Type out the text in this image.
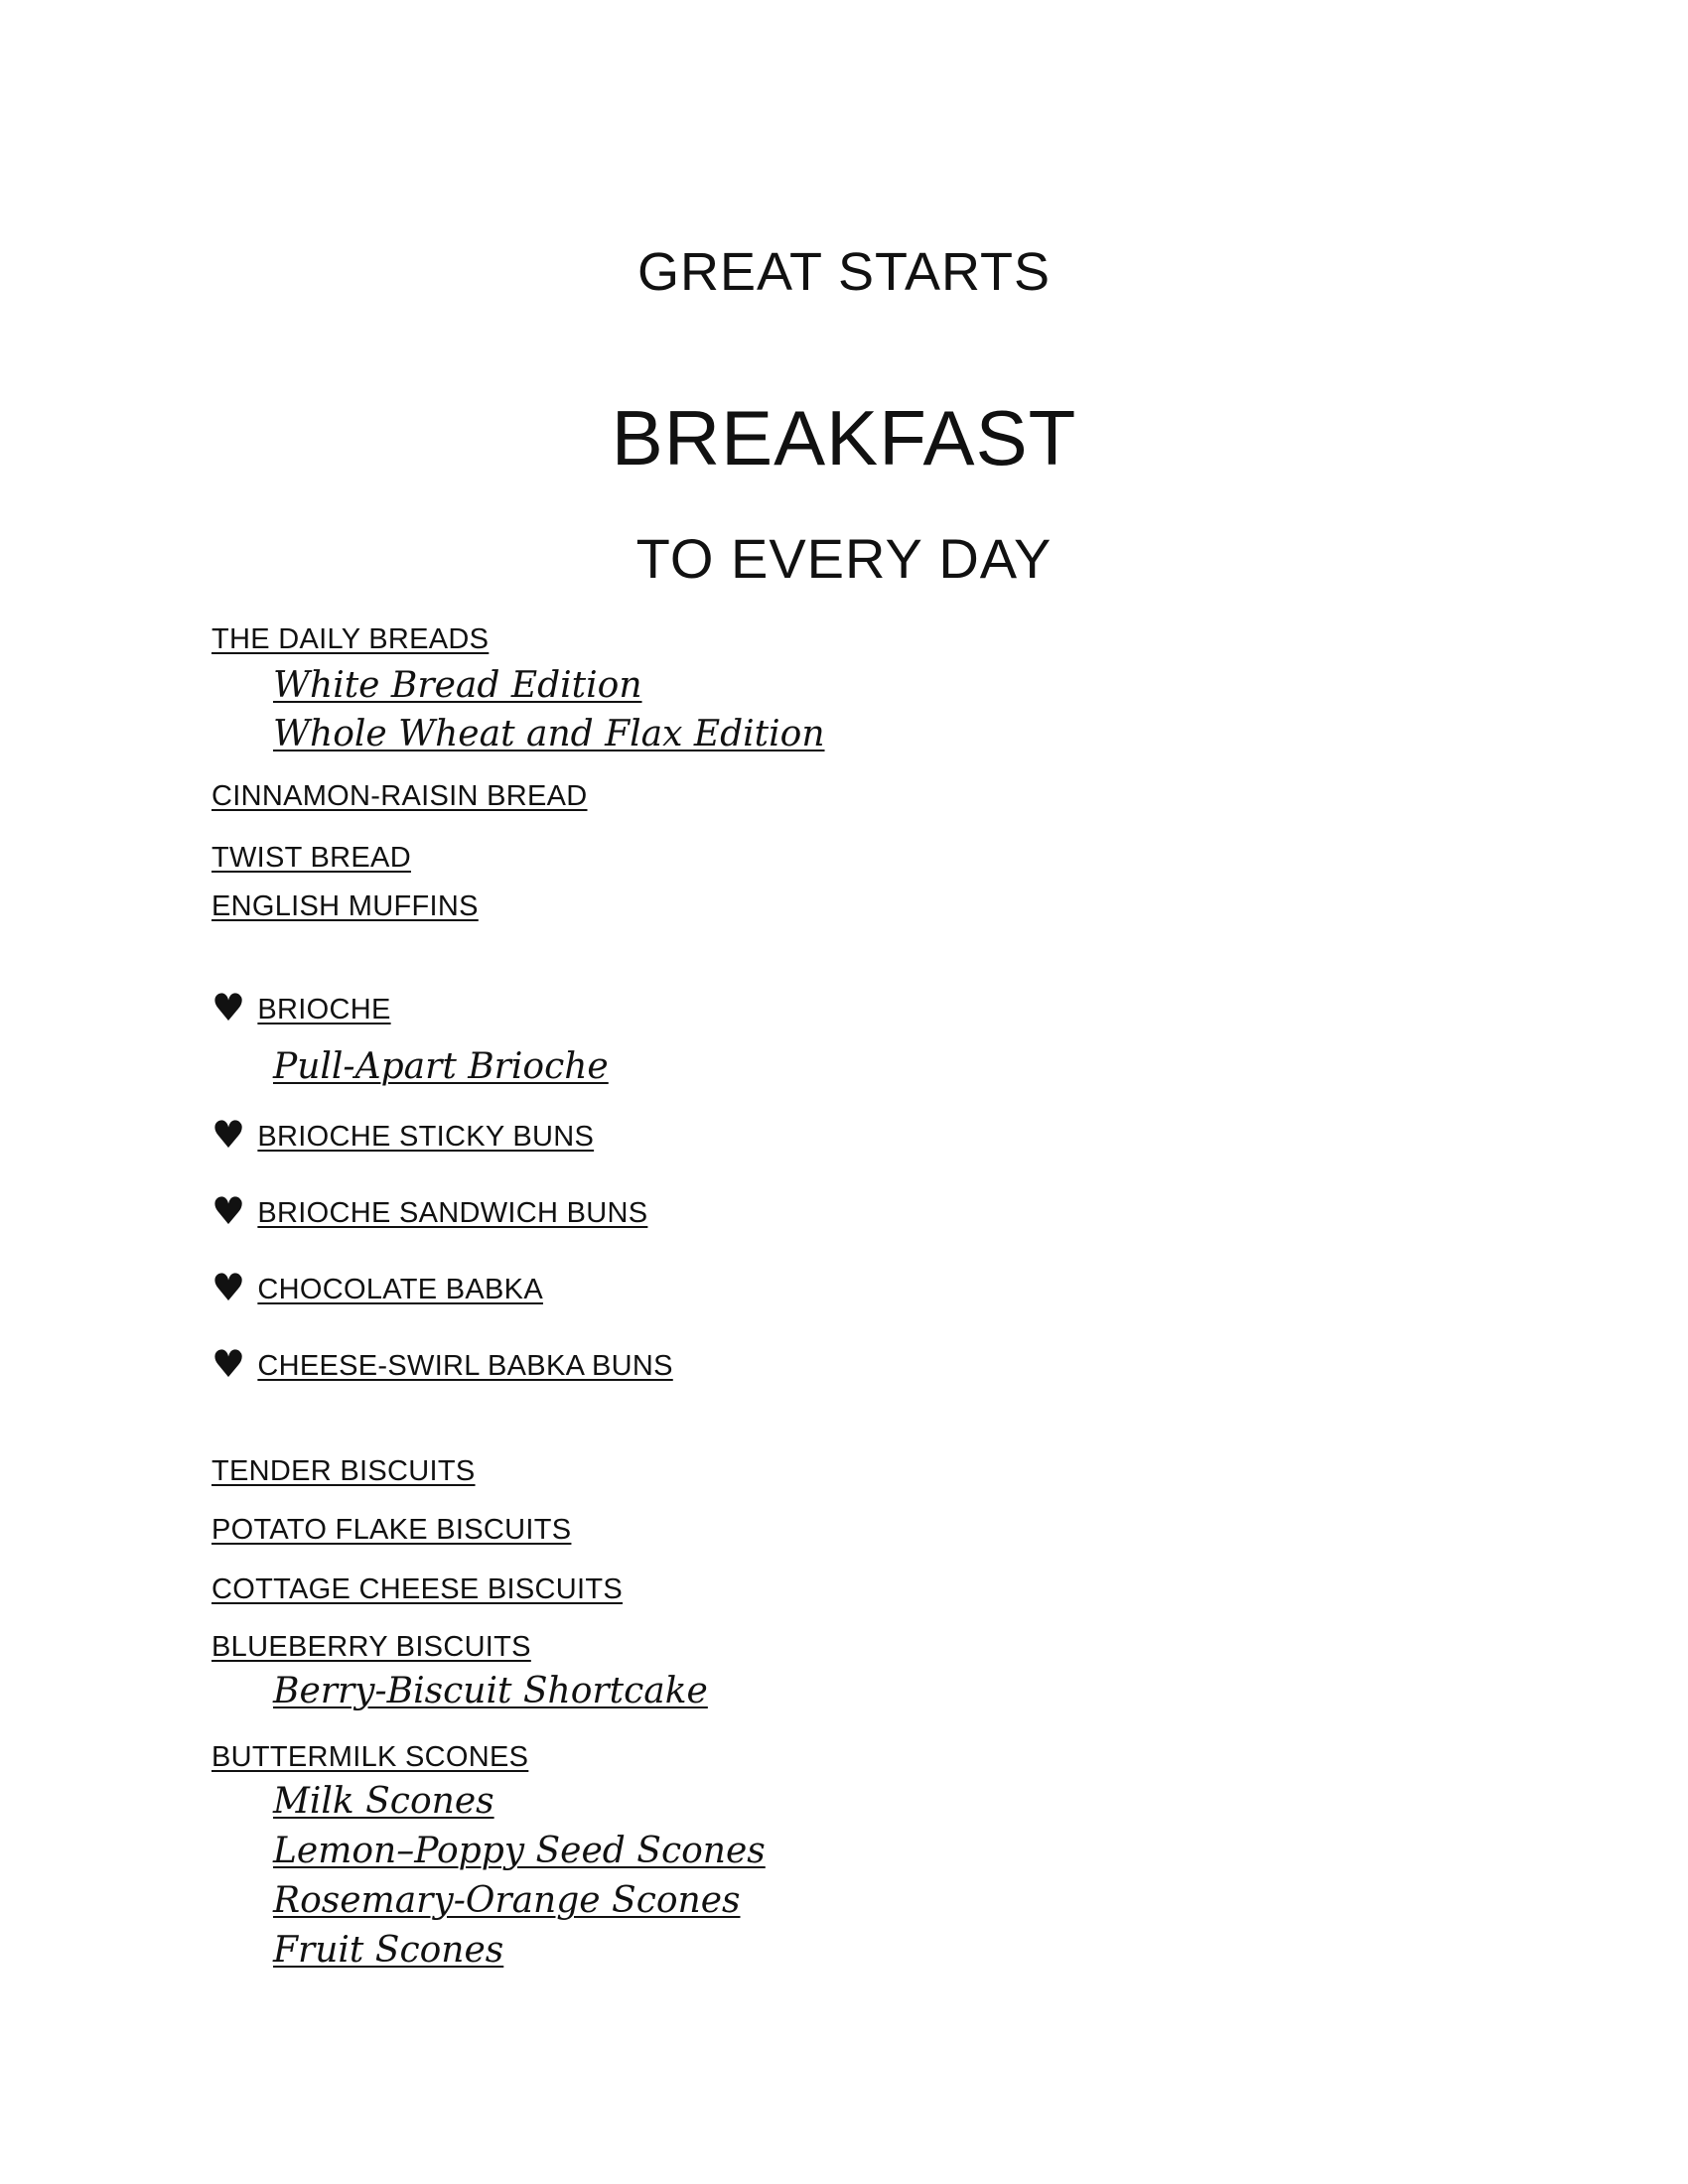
GREAT STARTS
BREAKFAST
TO EVERY DAY
THE DAILY BREADS
White Bread Edition
Whole Wheat and Flax Edition
CINNAMON-RAISIN BREAD
TWIST BREAD
ENGLISH MUFFINS
♥ BRIOCHE
Pull-Apart Brioche
♥ BRIOCHE STICKY BUNS
♥ BRIOCHE SANDWICH BUNS
♥ CHOCOLATE BABKA
♥ CHEESE-SWIRL BABKA BUNS
TENDER BISCUITS
POTATO FLAKE BISCUITS
COTTAGE CHEESE BISCUITS
BLUEBERRY BISCUITS
Berry-Biscuit Shortcake
BUTTERMILK SCONES
Milk Scones
Lemon–Poppy Seed Scones
Rosemary-Orange Scones
Fruit Scones
